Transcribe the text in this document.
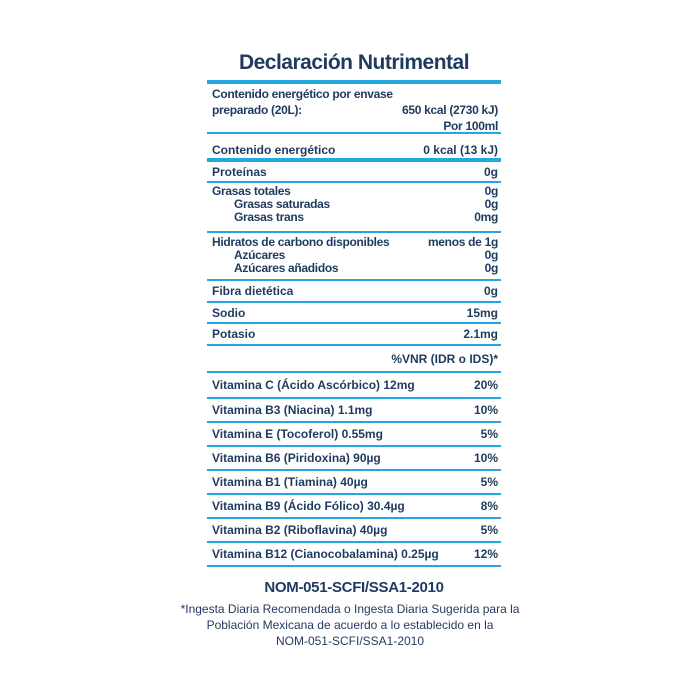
Declaración Nutrimental
Contenido energético por envase
preparado (20L):	650 kcal (2730 kJ)
Por 100ml
Contenido energético	0 kcal (13 kJ)
Proteínas	0g
Grasas totales	0g
Grasas saturadas	0g
Grasas trans	0mg
Hidratos de carbono disponibles	menos de 1g
Azúcares	0g
Azúcares añadidos	0g
Fibra dietética	0g
Sodio	15mg
Potasio	2.1mg
%VNR (IDR o IDS)*
Vitamina C (Ácido Ascórbico) 12mg	20%
Vitamina B3 (Niacina) 1.1mg	10%
Vitamina E (Tocoferol) 0.55mg	5%
Vitamina B6 (Piridoxina) 90µg	10%
Vitamina B1 (Tiamina) 40µg	5%
Vitamina B9 (Ácido Fólico) 30.4µg	8%
Vitamina B2 (Riboflavina) 40µg	5%
Vitamina B12 (Cianocobalamina) 0.25µg	12%
NOM-051-SCFI/SSA1-2010
*Ingesta Diaria Recomendada o Ingesta Diaria Sugerida para la
Población Mexicana de acuerdo a lo establecido en la
NOM-051-SCFI/SSA1-2010
